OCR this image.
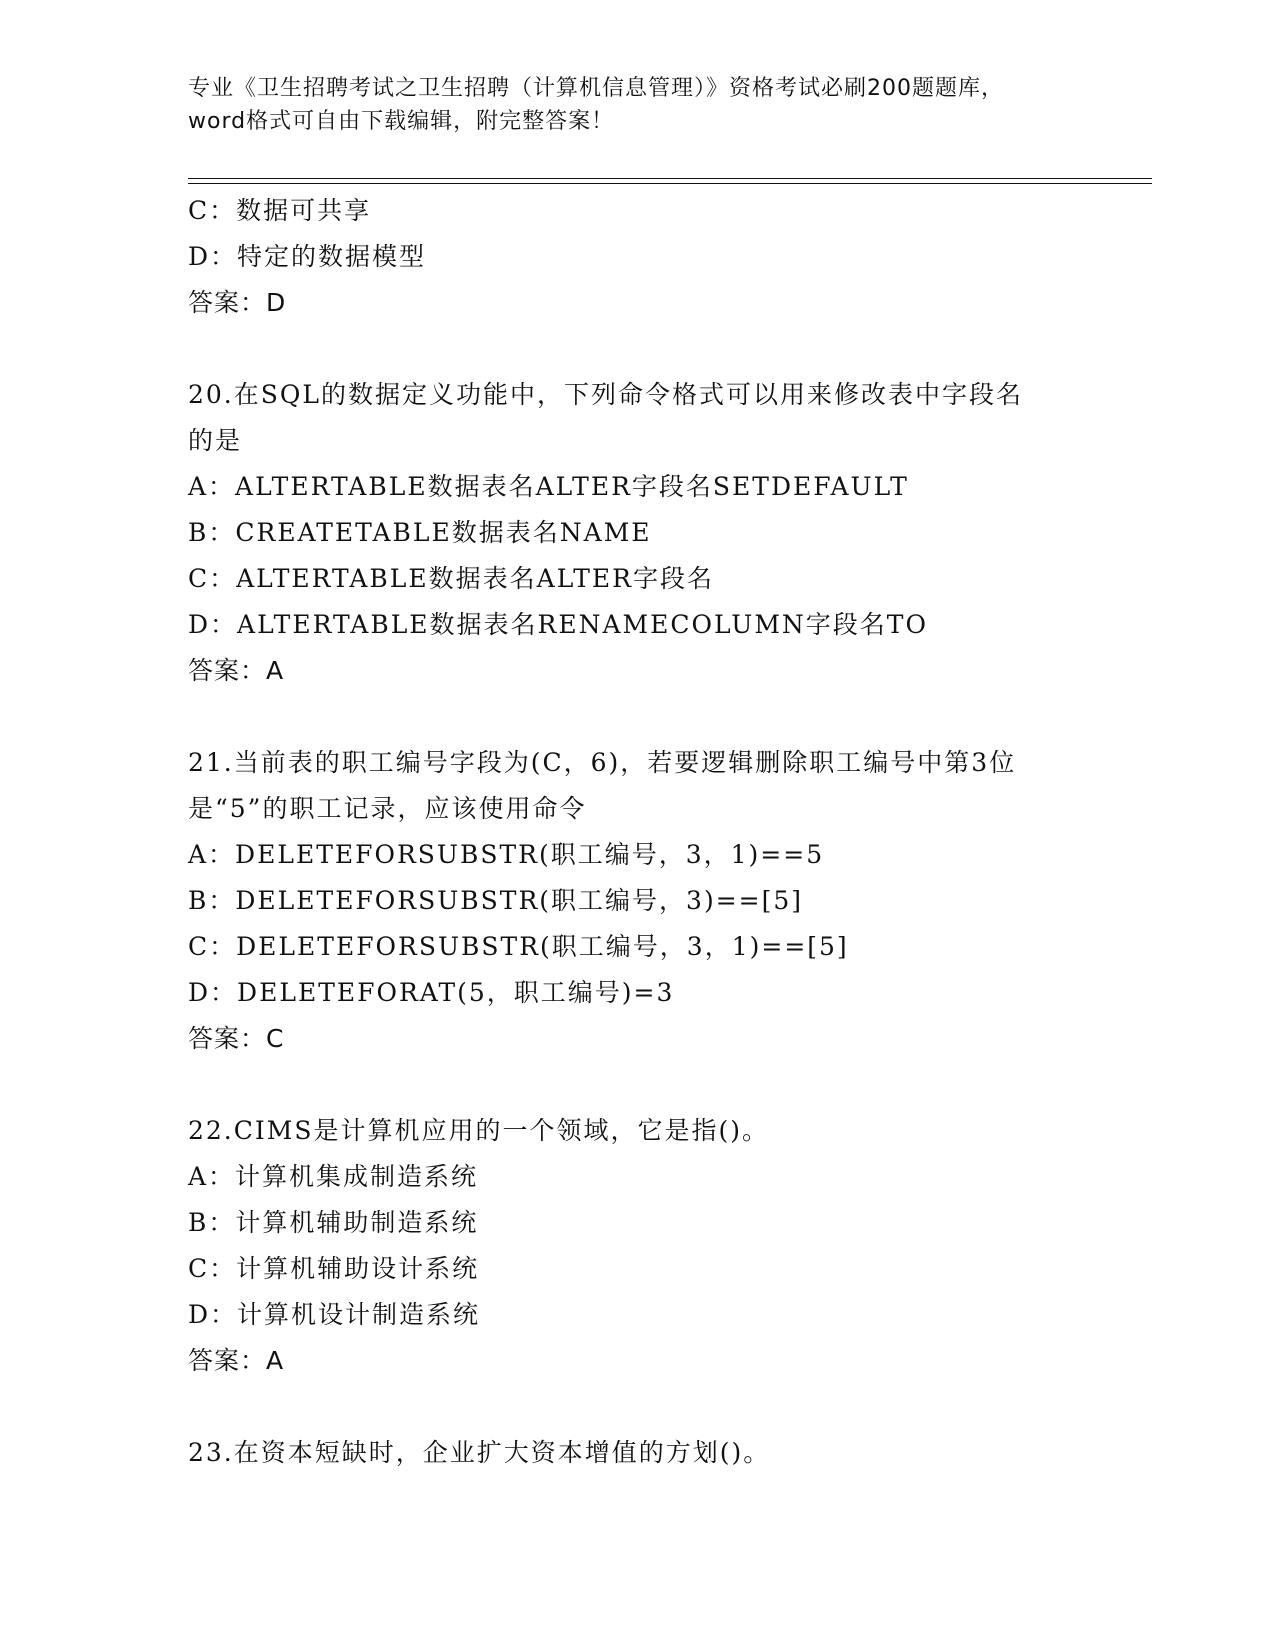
专业《卫生招聘考试之卫生招聘（计算机信息管理）》资格考试必刷200题题库，
word格式可自由下载编辑，附完整答案！
C：数据可共享
D：特定的数据模型
答案：D
20.在SQL的数据定义功能中，下列命令格式可以用来修改表中字段名
的是
A：ALTERTABLE数据表名ALTER字段名SETDEFAULT
B：CREATETABLE数据表名NAME
C：ALTERTABLE数据表名ALTER字段名
D：ALTERTABLE数据表名RENAMECOLUMN字段名TO
答案：A
21.当前表的职工编号字段为(C，6)，若要逻辑删除职工编号中第3位
是“5”的职工记录，应该使用命令
A：DELETEFORSUBSTR(职工编号，3，1)==5
B：DELETEFORSUBSTR(职工编号，3)==[5]
C：DELETEFORSUBSTR(职工编号，3，1)==[5]
D：DELETEFORAT(5，职工编号)=3
答案：C
22.CIMS是计算机应用的一个领域，它是指()。
A：计算机集成制造系统
B：计算机辅助制造系统
C：计算机辅助设计系统
D：计算机设计制造系统
答案：A
23.在资本短缺时，企业扩大资本增值的方划()。
